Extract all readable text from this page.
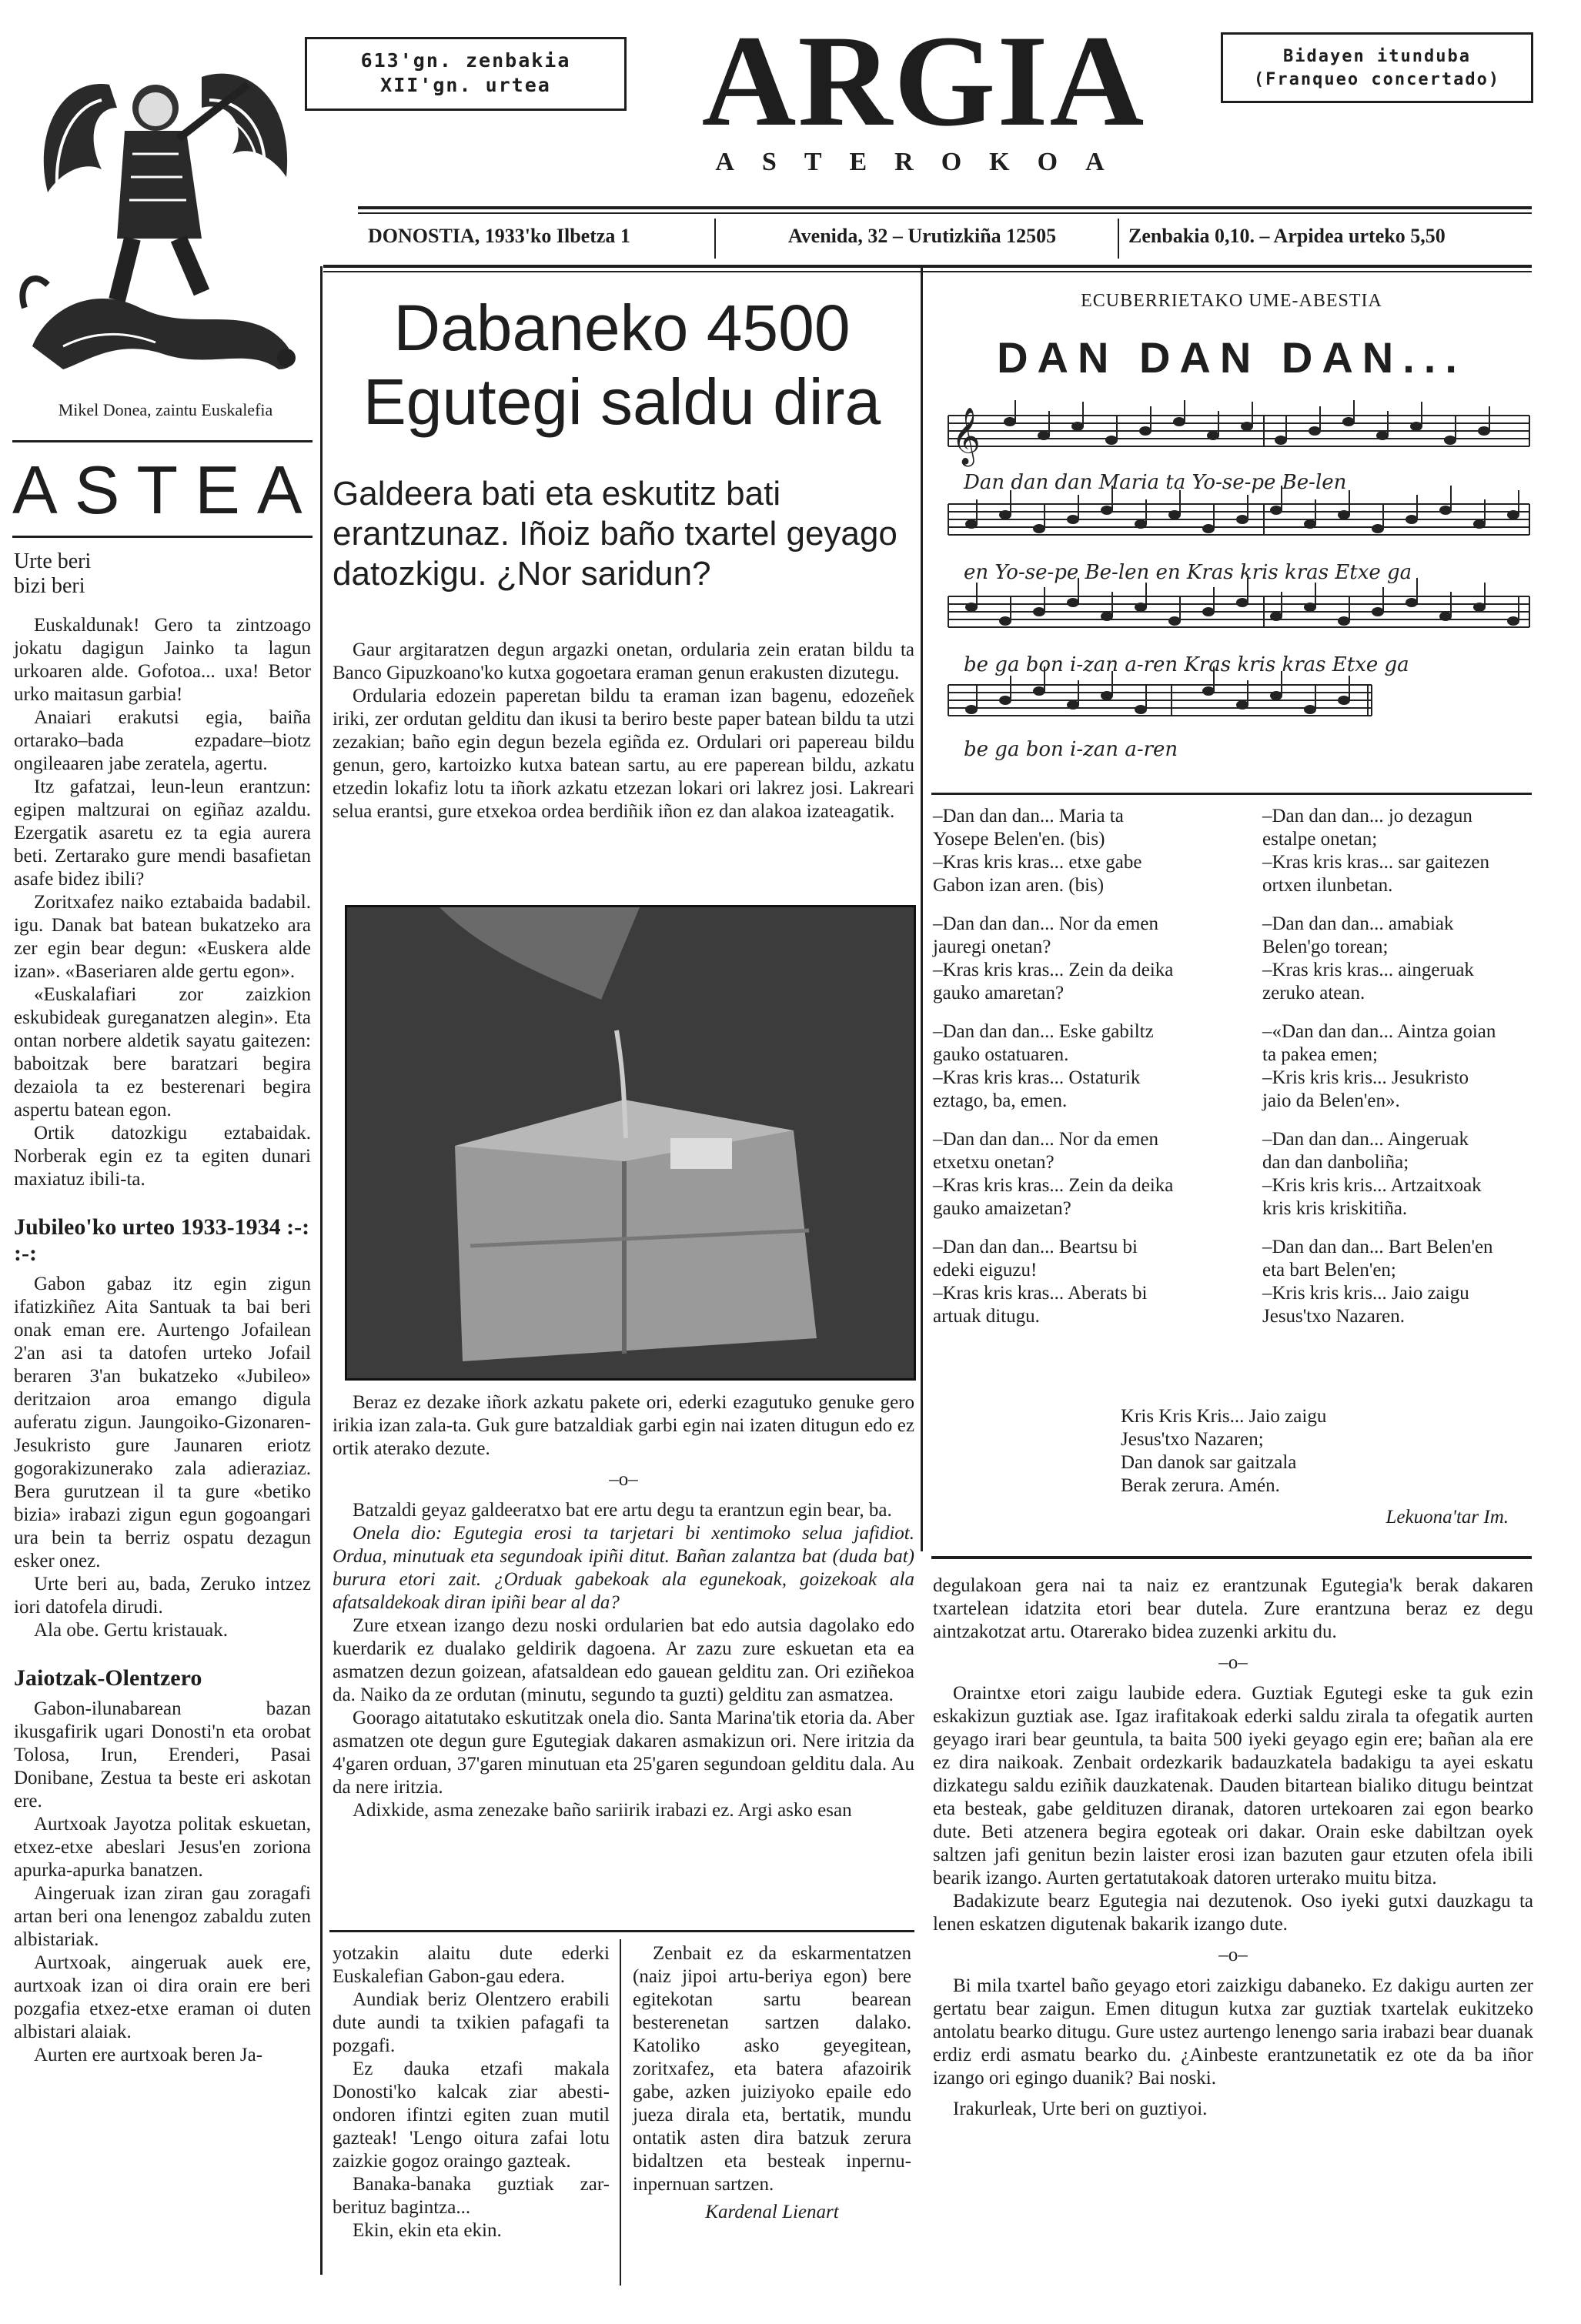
Mikel Donea, zaintu Euskalefia
613'gn. zenbakia
XII'gn. urtea	ARGIA
ASTEROKOA
Bidayen itunduba
(Franqueo concertado)
DONOSTIA, 1933'ko Ilbetza 1	Avenida, 32 – Urutizkiña 12505	Zenbakia 0,10. – Arpidea urteko 5,50
ASTEA
Urte beri
bizi beri

Euskaldunak! Gero ta zintzoago jokatu dagigun Jainko ta lagun urkoaren alde. Gofotoa... uxa! Betor urko maitasun garbia!

Anaiari erakutsi egia, baiña ortarako–bada ezpadare–biotz ongileaaren jabe zeratela, agertu.

Itz gafatzai, leun-leun erantzun: egipen maltzurai on egiñaz azaldu. Ezergatik asaretu ez ta egia aurera beti. Zertarako gure mendi basafietan asafe bidez ibili?

Zoritxafez naiko eztabaida badabil. igu. Danak bat batean bukatzeko ara zer egin bear degun: «Euskera alde izan». «Baseriaren alde gertu egon».

«Euskalafiari zor zaizkion eskubideak gureganatzen alegin». Eta ontan norbere aldetik sayatu gaitezen: baboitzak bere baratzari begira dezaiola ta ez besterenari begira aspertu batean egon.

Ortik datozkigu eztabaidak. Norberak egin ez ta egiten dunari maxiatuz ibili-ta.

Jubileo'ko urteo 1933-1934 :-: :-:

Gabon gabaz itz egin zigun ifatizkiñez Aita Santuak ta bai beri onak eman ere. Aurtengo Jofailean 2'an asi ta datofen urteko Jofail beraren 3'an bukatzeko «Jubileo» deritzaion aroa emango digula auferatu zigun. Jaungoiko-Gizonaren-Jesukristo gure Jaunaren eriotz gogorakizunerako zala adieraziaz. Bera gurutzean il ta gure «betiko bizia» irabazi zigun egun gogoangari ura bein ta berriz ospatu dezagun esker onez.

Urte beri au, bada, Zeruko intzez iori datofela dirudi.

Ala obe. Gertu kristauak.

Jaiotzak-Olentzero

Gabon-ilunabarean bazan ikusgafirik ugari Donosti'n eta orobat Tolosa, Irun, Erenderi, Pasai Donibane, Zestua ta beste eri askotan ere.

Aurtxoak Jayotza politak eskuetan, etxez-etxe abeslari Jesus'en zoriona apurka-apurka banatzen.

Aingeruak izan ziran gau zoragafi artan beri ona lenengoz zabaldu zuten albistariak.

Aurtxoak, aingeruak auek ere, aurtxoak izan oi dira orain ere beri pozgafia etxez-etxe eraman oi duten albistari alaiak.

Aurten ere aurtxoak beren Ja-

Dabaneko 4500
Egutegi saldu dira
Galdeera bati eta eskutitz bati erantzunaz. Iñoiz baño txartel geyago datozkigu. ¿Nor saridun?

Gaur argitaratzen degun argazki onetan, ordularia zein eratan bildu ta Banco Gipuzkoano'ko kutxa gogoetara eraman genun erakusten dizutegu.

Ordularia edozein paperetan bildu ta eraman izan bagenu, edozeñek iriki, zer ordutan gelditu dan ikusi ta beriro beste paper batean bildu ta utzi zezakian; baño egin degun bezela egiñda ez. Ordulari ori papereau bildu genun, gero, kartoizko kutxa batean sartu, au ere paperean bildu, azkatu etzedin lokafiz lotu ta iñork azkatu etzezan lokari ori lakrez josi. Lakreari selua erantsi, gure etxekoa ordea berdiñik iñon ez dan alakoa izateagatik.

Beraz ez dezake iñork azkatu pakete ori, ederki ezagutuko genuke gero irikia izan zala-ta. Guk gure batzaldiak garbi egin nai izaten ditugun edo ez ortik aterako dezute.

–o–

Batzaldi geyaz galdeeratxo bat ere artu degu ta erantzun egin bear, ba.

Onela dio: Egutegia erosi ta tarjetari bi xentimoko selua jafidiot. Ordua, minutuak eta segundoak ipiñi ditut. Bañan zalantza bat (duda bat) burura etori zait. ¿Orduak gabekoak ala egunekoak, goizekoak ala afatsaldekoak diran ipiñi bear al da?

Zure etxean izango dezu noski ordularien bat edo autsia dagolako edo kuerdarik ez dualako geldirik dagoena. Ar zazu zure eskuetan eta ea asmatzen dezun goizean, afatsaldean edo gauean gelditu zan. Ori eziñekoa da. Naiko da ze ordutan (minutu, segundo ta guzti) gelditu zan asmatzea.

Goorago aitatutako eskutitzak onela dio. Santa Marina'tik etoria da. Aber asmatzen ote degun gure Egutegiak dakaren asmakizun ori. Nere iritzia da 4'garen orduan, 37'garen minutuan eta 25'garen segundoan gelditu dala. Au da nere iritzia.

Adixkide, asma zenezake baño sariirik irabazi ez. Argi asko esan

yotzakin alaitu dute ederki Euskalefian Gabon-gau edera.

Aundiak beriz Olentzero erabili dute aundi ta txikien pafagafi ta pozgafi.

Ez dauka etzafi makala Donosti'ko kalcak ziar abesti-ondoren ifintzi egiten zuan mutil gazteak! 'Lengo oitura zafai lotu zaizkie gogoz oraingo gazteak.

Banaka-banaka guztiak zar-berituz bagintza...

Ekin, ekin eta ekin.

Zenbait ez da eskarmentatzen (naiz jipoi artu-beriya egon) bere egitekotan sartu bearean besterenetan sartzen dalako. Katoliko asko geyegitean, zoritxafez, eta batera afazoirik gabe, azken juiziyoko epaile edo jueza dirala eta, bertatik, mundu ontatik asten dira batzuk zerura bidaltzen eta besteak inpernu-inpernuan sartzen.

Kardenal Lienart
ECUBERRIETAKO UME-ABESTIA
DAN DAN DAN...
𝄞
Dan dan dan Maria ta Yo-se-pe Be-len
en Yo-se-pe Be-len en Kras kris kras Etxe ga
be ga bon i-zan a-ren Kras kris kras Etxe ga
be ga bon i-zan a-ren
–Dan dan dan... Maria ta
Yosepe Belen'en. (bis)
–Kras kris kras... etxe gabe
Gabon izan aren. (bis)
–Dan dan dan... Nor da emen
jauregi onetan?
–Kras kris kras... Zein da deika
gauko amaretan?
–Dan dan dan... Eske gabiltz
gauko ostatuaren.
–Kras kris kras... Ostaturik
eztago, ba, emen.
–Dan dan dan... Nor da emen
etxetxu onetan?
–Kras kris kras... Zein da deika
gauko amaizetan?
–Dan dan dan... Beartsu bi
edeki eiguzu!
–Kras kris kras... Aberats bi
artuak ditugu.
–Dan dan dan... jo dezagun
estalpe onetan;
–Kras kris kras... sar gaitezen
ortxen ilunbetan.
–Dan dan dan... amabiak
Belen'go torean;
–Kras kris kras... aingeruak
zeruko atean.
–«Dan dan dan... Aintza goian
ta pakea emen;
–Kris kris kris... Jesukristo
jaio da Belen'en».
–Dan dan dan... Aingeruak
dan dan danboliña;
–Kris kris kris... Artzaitxoak
kris kris kriskitiña.
–Dan dan dan... Bart Belen'en
eta bart Belen'en;
–Kris kris kris... Jaio zaigu
Jesus'txo Nazaren.
Kris Kris Kris... Jaio zaigu
Jesus'txo Nazaren;
Dan danok sar gaitzala
Berak zerura. Amén.
Lekuona'tar Im.

degulakoan gera nai ta naiz ez erantzunak Egutegia'k berak dakaren txartelean idatzita etori bear dutela. Zure erantzuna beraz ez degu aintzakotzat artu. Otarerako bidea zuzenki arkitu du.

–o–

Oraintxe etori zaigu laubide edera. Guztiak Egutegi eske ta guk ezin eskakizun guztiak ase. Igaz irafitakoak ederki saldu zirala ta ofegatik aurten geyago irari bear geuntula, ta baita 500 iyeki geyago egin ere; bañan ala ere ez dira naikoak. Zenbait ordezkarik badauzkatela badakigu ta ayei eskatu dizkategu saldu eziñik dauzkatenak. Dauden bitartean bialiko ditugu beintzat eta besteak, gabe geldituzen diranak, datoren urtekoaren zai egon bearko dute. Beti atzenera begira egoteak ori dakar. Orain eske dabiltzan oyek saltzen jafi genitun bezin laister erosi izan bazuten gaur etzuten ofela ibili bearik izango. Aurten gertatutakoak datoren urterako muitu bitza.

Badakizute bearz Egutegia nai dezutenok. Oso iyeki gutxi dauzkagu ta lenen eskatzen digutenak bakarik izango dute.

–o–

Bi mila txartel baño geyago etori zaizkigu dabaneko. Ez dakigu aurten zer gertatu bear zaigun. Emen ditugun kutxa zar guztiak txartelak eukitzeko antolatu bearko ditugu. Gure ustez aurtengo lenengo saria irabazi bear duanak erdiz erdi asmatu bearko du. ¿Ainbeste erantzunetatik ez ote da ba iñor izango ori egingo duanik? Bai noski.

Irakurleak, Urte beri on guztiyoi.
